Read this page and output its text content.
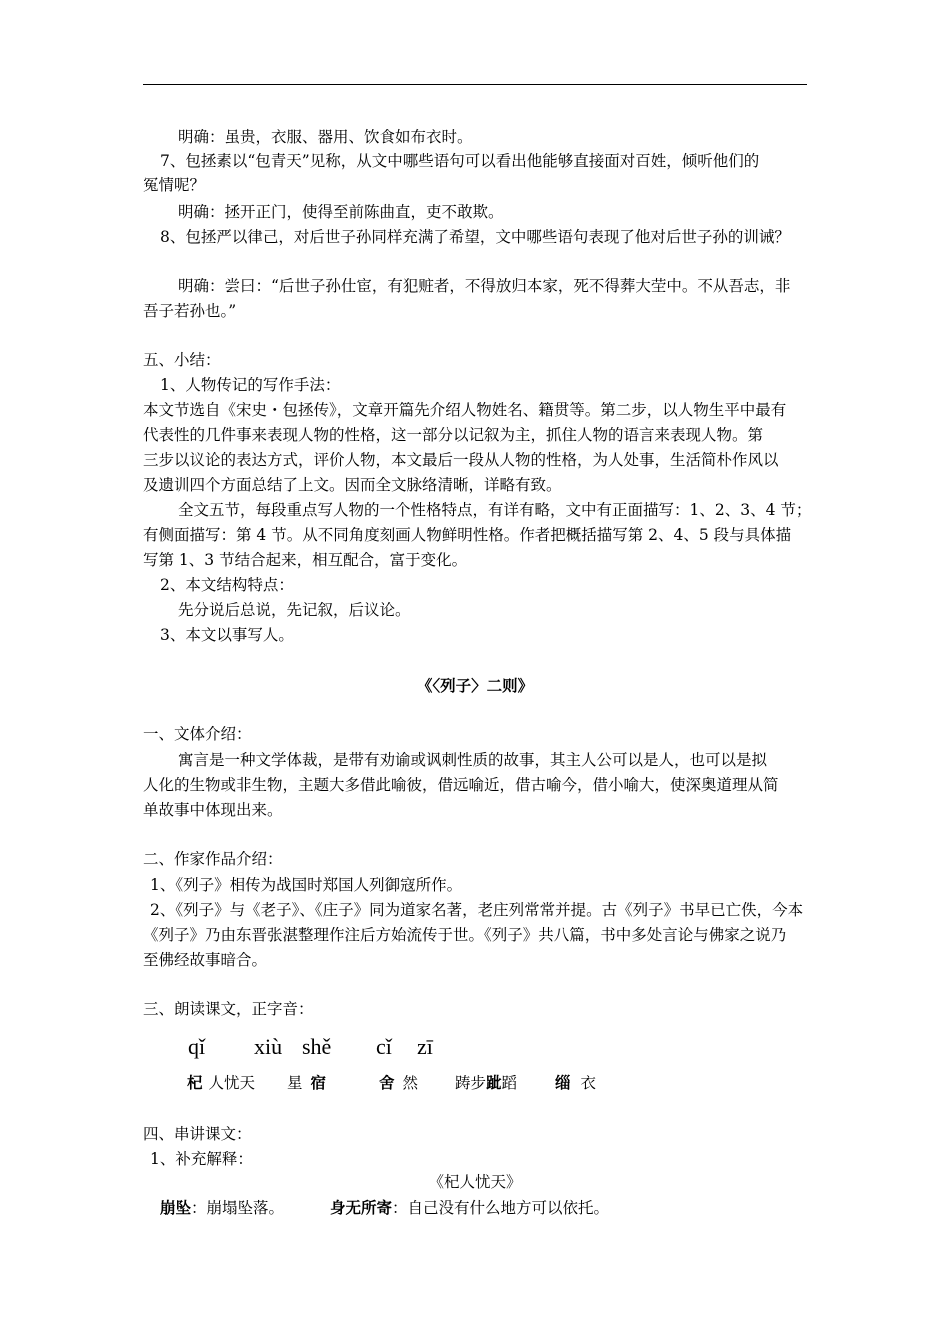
明确：虽贵，衣服、器用、饮食如布衣时。
7、包拯素以“包青天”见称，从文中哪些语句可以看出他能够直接面对百姓，倾听他们的
冤情呢？
明确：拯开正门，使得至前陈曲直，吏不敢欺。
8、包拯严以律己，对后世子孙同样充满了希望，文中哪些语句表现了他对后世子孙的训诫？
明确：尝曰：“后世子孙仕宦，有犯赃者，不得放归本家，死不得葬大茔中。不从吾志，非
吾子若孙也。”
五、小结：
1、人物传记的写作手法：
本文节选自《宋史・包拯传》，文章开篇先介绍人物姓名、籍贯等。第二步，以人物生平中最有
代表性的几件事来表现人物的性格，这一部分以记叙为主，抓住人物的语言来表现人物。第
三步以议论的表达方式，评价人物，本文最后一段从人物的性格，为人处事，生活简朴作风以
及遗训四个方面总结了上文。因而全文脉络清晰，详略有致。
全文五节，每段重点写人物的一个性格特点，有详有略，文中有正面描写：1、2、3、4 节；
有侧面描写：第 4 节。从不同角度刻画人物鲜明性格。作者把概括描写第 2、4、5 段与具体描
写第 1、3 节结合起来，相互配合，富于变化。
2、本文结构特点：
先分说后总说，先记叙，后议论。
3、本文以事写人。
《〈列子〉二则》
一、文体介绍：
寓言是一种文学体裁，是带有劝谕或讽刺性质的故事，其主人公可以是人，也可以是拟
人化的生物或非生物，主题大多借此喻彼，借远喻近，借古喻今，借小喻大，使深奥道理从简
单故事中体现出来。
二、作家作品介绍：
1、《列子》相传为战国时郑国人列御寇所作。
2、《列子》与《老子》、《庄子》同为道家名著，老庄列常常并提。古《列子》书早已亡佚，今本
《列子》乃由东晋张湛整理作注后方始流传于世。《列子》共八篇，书中多处言论与佛家之说乃
至佛经故事暗合。
三、朗读课文，正字音：
qǐ xiù shě cǐ zī
杞 人忧天 星 宿	舍 然 踌步跐蹈 缁 衣
四、串讲课文：
1、补充解释：
《杞人忧天》
崩坠：崩塌坠落。	身无所寄：自己没有什么地方可以依托。
